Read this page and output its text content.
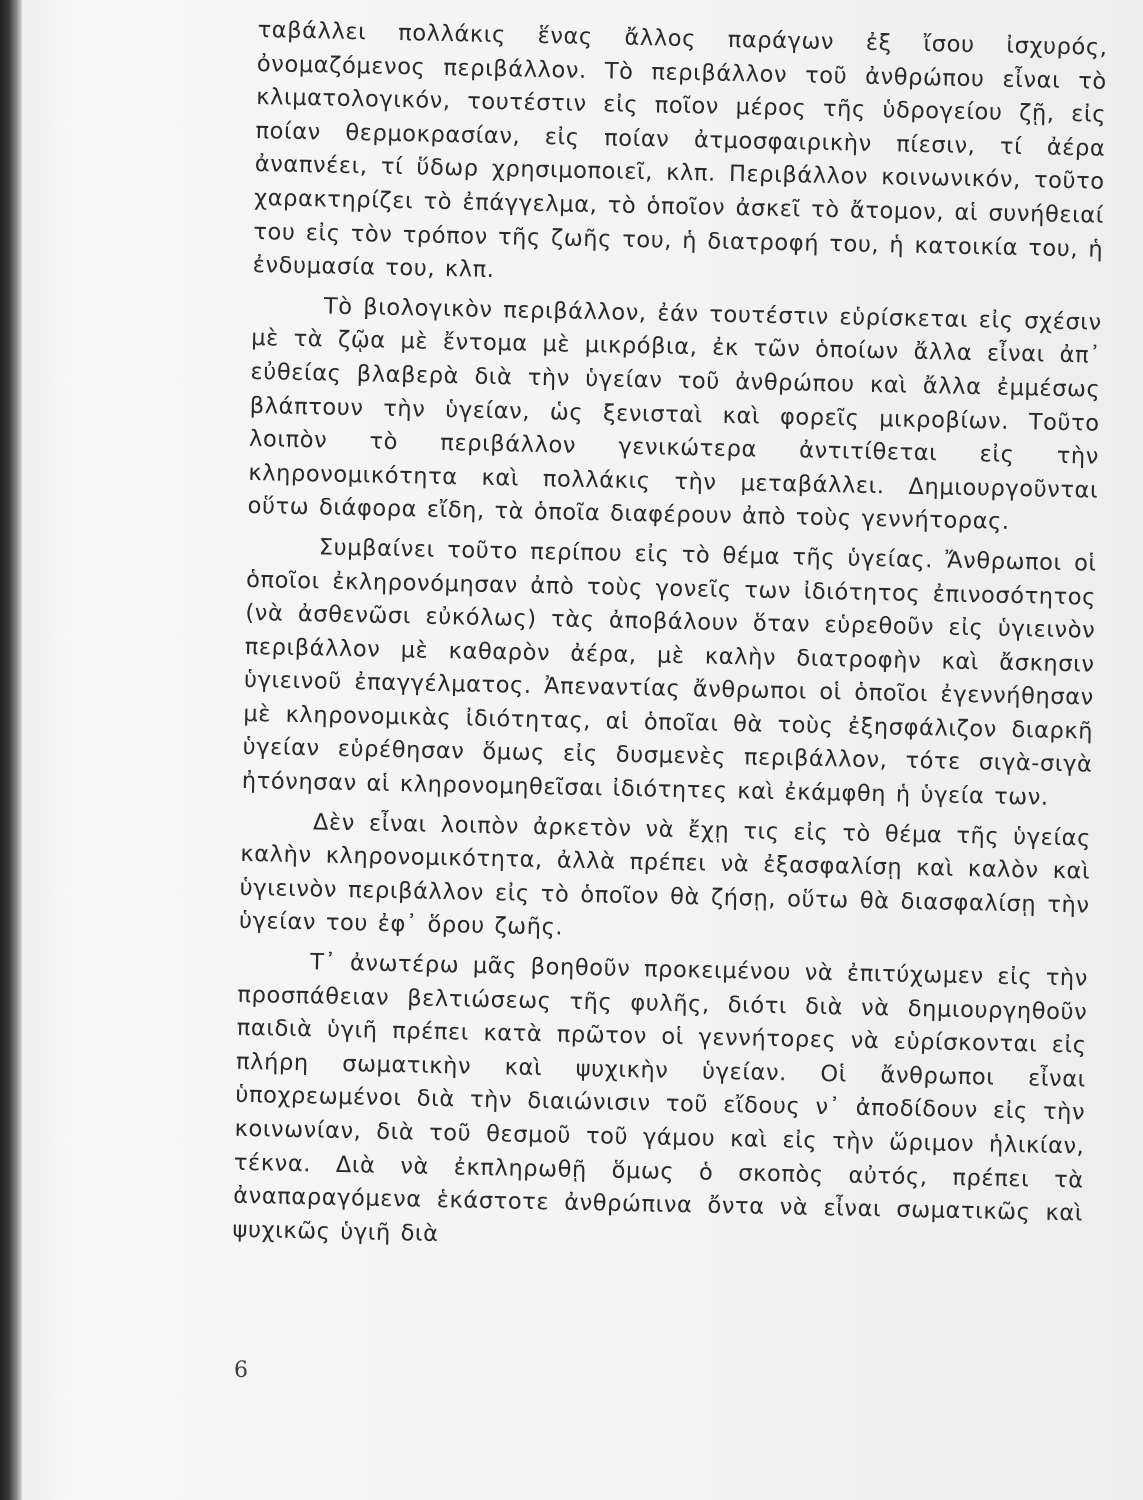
ταβάλλει πολλάκις ἕνας ἄλλος παράγων ἐξ ἴσου ἰσχυρός, ὀνομαζόμενος περιβάλλον. Τὸ περιβάλλον τοῦ ἀνθρώπου εἶναι τὸ κλιματολογικόν, τουτέστιν εἰς ποῖον μέρος τῆς ὑδρογείου ζῇ, εἰς ποίαν θερμοκρασίαν, εἰς ποίαν ἀτμοσφαιρικὴν πίεσιν, τί ἀέρα ἀναπνέει, τί ὕδωρ χρησιμοποιεῖ, κλπ. Περιβάλλον κοινωνικόν, τοῦτο χαρακτηρίζει τὸ ἐπάγγελμα, τὸ ὁποῖον ἀσκεῖ τὸ ἄτομον, αἱ συνήθειαί του εἰς τὸν τρόπον τῆς ζωῆς του, ἡ διατροφή του, ἡ κατοικία του, ἡ ἐνδυμασία του, κλπ.

Τὸ βιολογικὸν περιβάλλον, ἐάν τουτέστιν εὑρίσκεται εἰς σχέσιν μὲ τὰ ζῷα μὲ ἔντομα μὲ μικρόβια, ἐκ τῶν ὁποίων ἄλλα εἶναι ἀπ᾿ εὐθείας βλαβερὰ διὰ τὴν ὑγείαν τοῦ ἀνθρώπου καὶ ἄλλα ἐμμέσως βλάπτουν τὴν ὑγείαν, ὡς ξενισταὶ καὶ φορεῖς μικροβίων. Τοῦτο λοιπὸν τὸ περιβάλλον γενικώτερα ἀντιτίθεται εἰς τὴν κληρονομικότητα καὶ πολλάκις τὴν μεταβάλλει. Δημιουργοῦνται οὕτω διάφορα εἴδη, τὰ ὁποῖα διαφέρουν ἀπὸ τοὺς γεννήτορας.

Συμβαίνει τοῦτο περίπου εἰς τὸ θέμα τῆς ὑγείας. Ἄνθρωποι οἱ ὁποῖοι ἐκληρονόμησαν ἀπὸ τοὺς γονεῖς των ἰδιότητος ἐπινοσότητος (νὰ ἀσθενῶσι εὐκόλως) τὰς ἀποβάλουν ὅταν εὑρεθοῦν εἰς ὑγιεινὸν περιβάλλον μὲ καθαρὸν ἀέρα, μὲ καλὴν διατροφὴν καὶ ἄσκησιν ὑγιεινοῦ ἐπαγγέλματος. Ἀπεναντίας ἄνθρωποι οἱ ὁποῖοι ἐγεννήθησαν μὲ κληρονομικὰς ἰδιότητας, αἱ ὁποῖαι θὰ τοὺς ἐξησφάλιζον διαρκῆ ὑγείαν εὑρέθησαν ὅμως εἰς δυσμενὲς περιβάλλον, τότε σιγὰ-σιγὰ ἠτόνησαν αἱ κληρονομηθεῖσαι ἰδιότητες καὶ ἐκάμφθη ἡ ὑγεία των.

Δὲν εἶναι λοιπὸν ἀρκετὸν νὰ ἔχῃ τις εἰς τὸ θέμα τῆς ὑγείας καλὴν κληρονομικότητα, ἀλλὰ πρέπει νὰ ἐξασφαλίσῃ καὶ καλὸν καὶ ὑγιεινὸν περιβάλλον εἰς τὸ ὁποῖον θὰ ζήσῃ, οὕτω θὰ διασφαλίσῃ τὴν ὑγείαν του ἐφ᾿ ὅρου ζωῆς.

Τ᾿ ἀνωτέρω μᾶς βοηθοῦν προκειμένου νὰ ἐπιτύχωμεν εἰς τὴν προσπάθειαν βελτιώσεως τῆς φυλῆς, διότι διὰ νὰ δημιουργηθοῦν παιδιὰ ὑγιῆ πρέπει κατὰ πρῶτον οἱ γεννήτορες νὰ εὑρίσκονται εἰς πλήρη σωματικὴν καὶ ψυχικὴν ὑγείαν. Οἱ ἄνθρωποι εἶναι ὑποχρεωμένοι διὰ τὴν διαιώνισιν τοῦ εἴδους ν᾿ ἀποδίδουν εἰς τὴν κοινωνίαν, διὰ τοῦ θεσμοῦ τοῦ γάμου καὶ εἰς τὴν ὥριμον ἡλικίαν, τέκνα. Διὰ νὰ ἐκπληρωθῇ ὅμως ὁ σκοπὸς αὐτός, πρέπει τὰ ἀναπαραγόμενα ἑκάστοτε ἀνθρώπινα ὄντα νὰ εἶναι σωματικῶς καὶ ψυχικῶς ὑγιῆ διὰ

6
